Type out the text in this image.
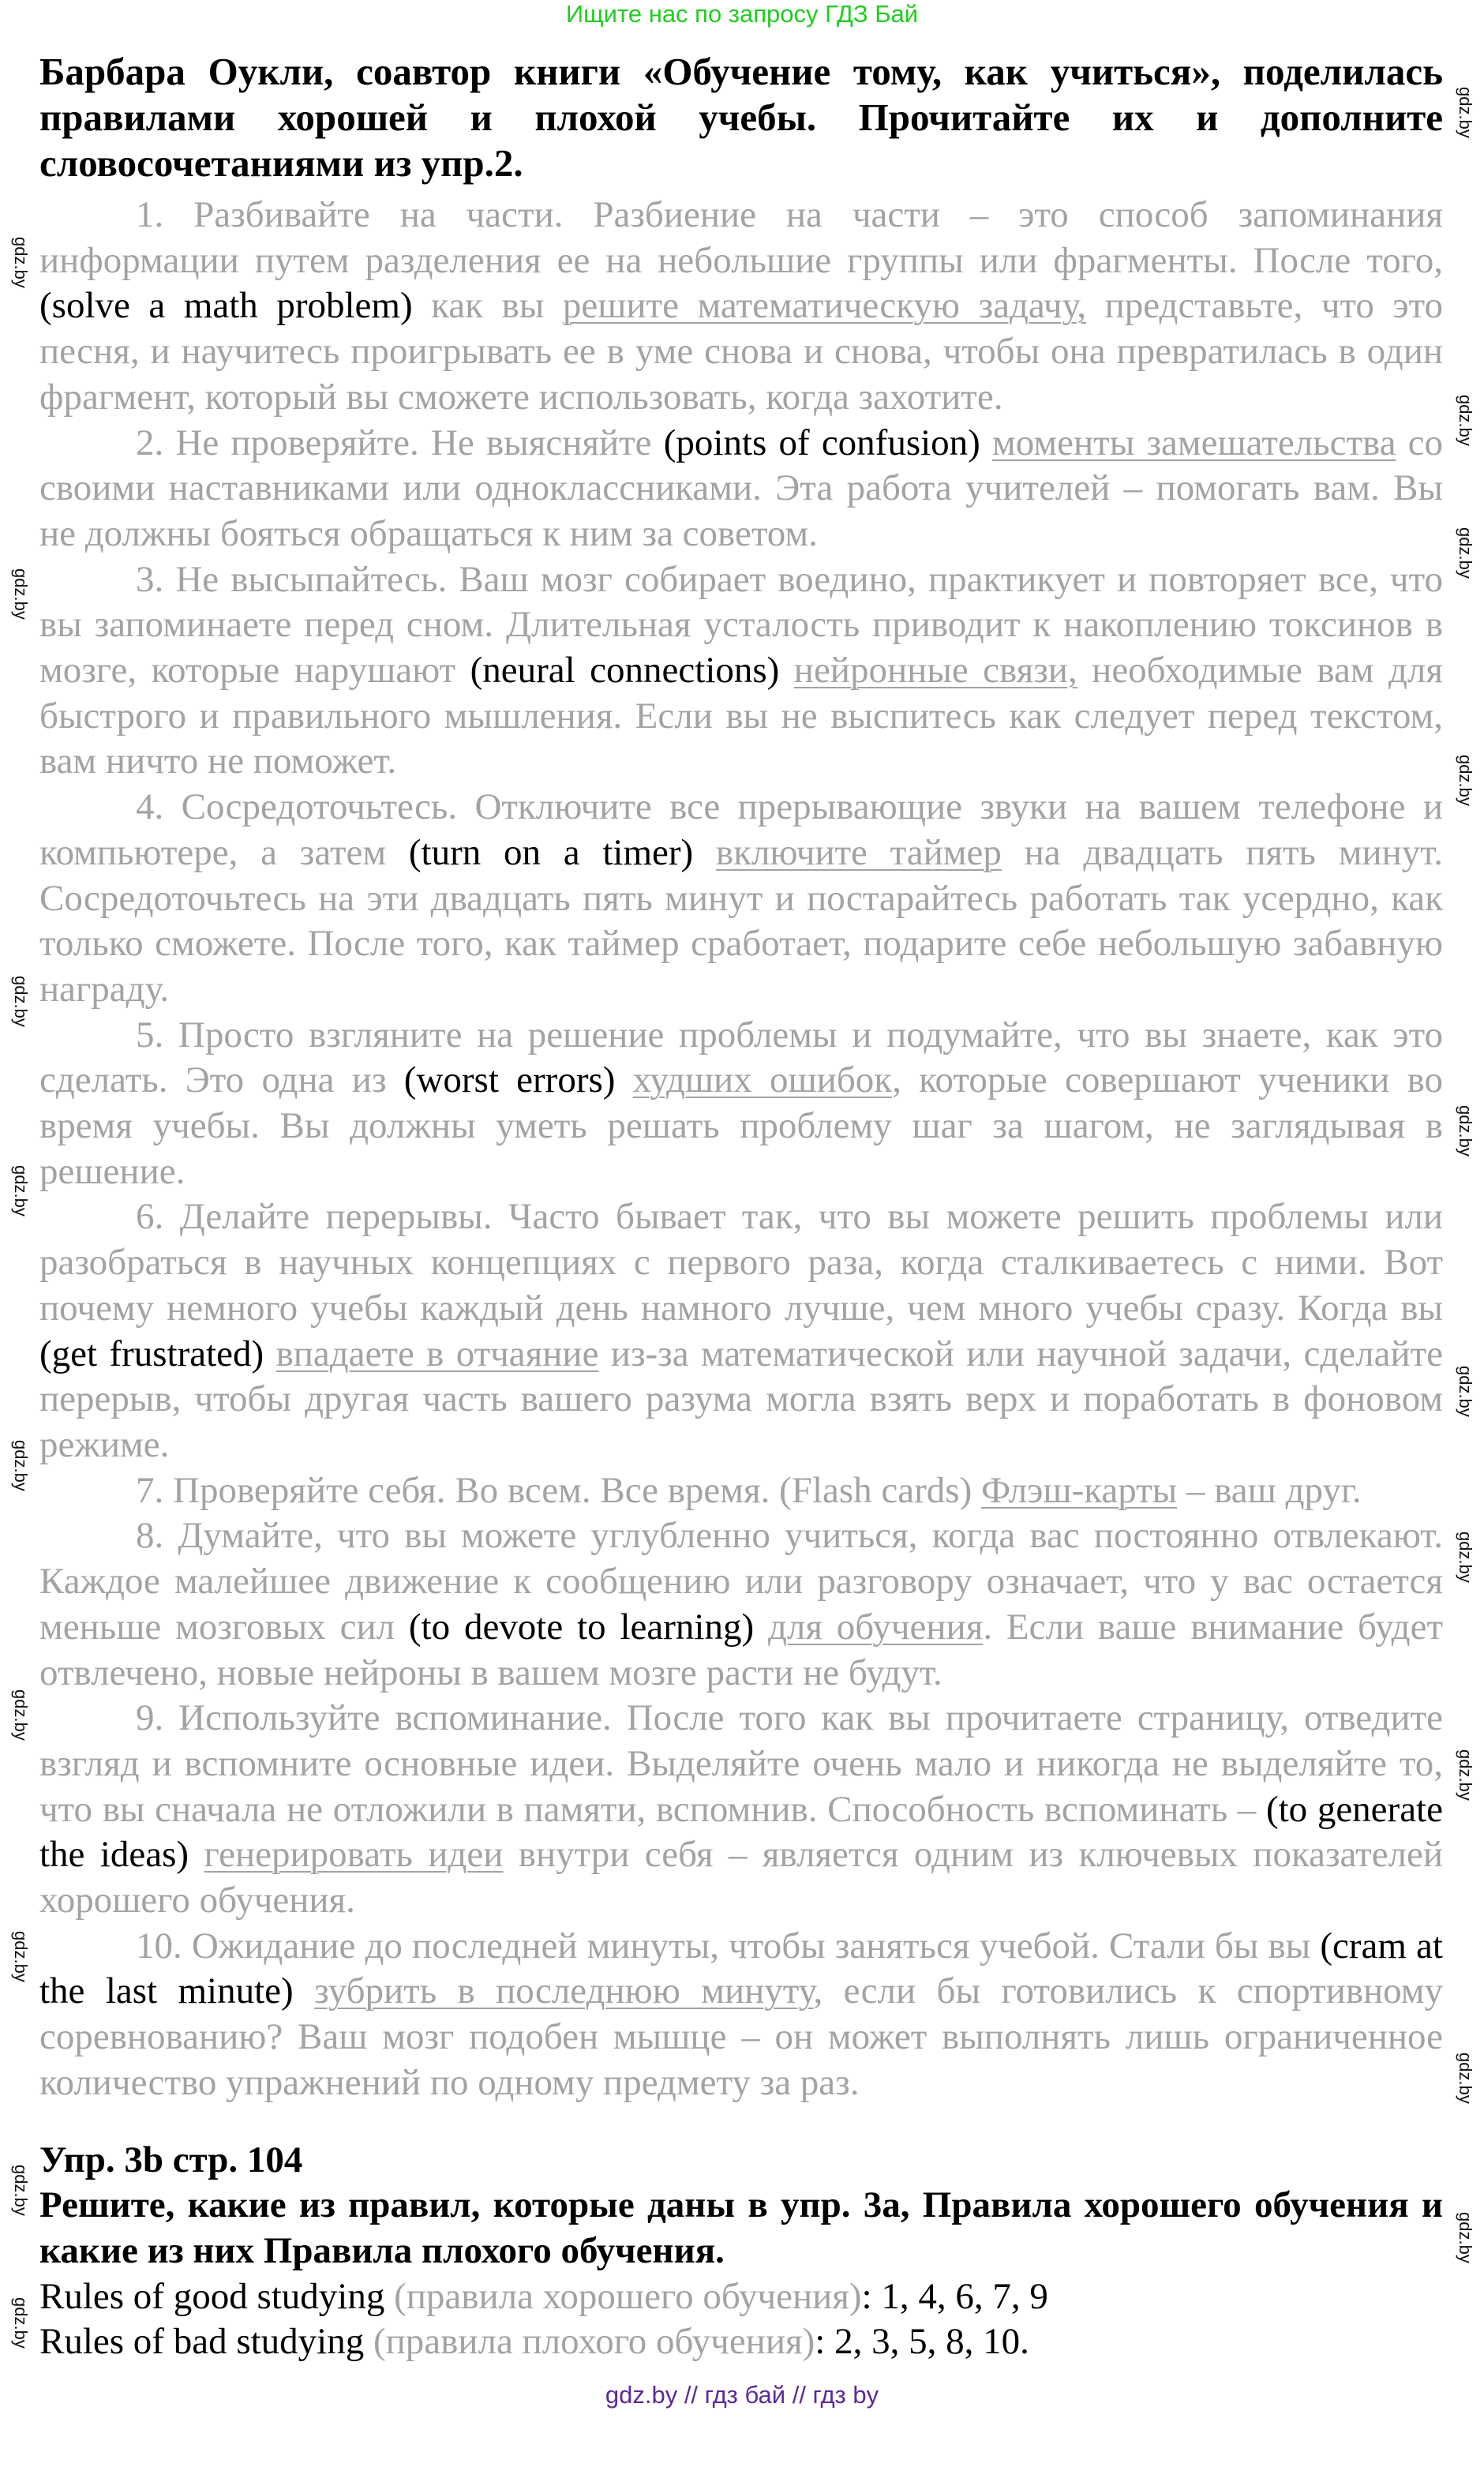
Ищите нас по запросу ГДЗ Бай
Барбара Оукли, соавтор книги «Обучение тому, как учиться», поделилась правилами хорошей и плохой учебы. Прочитайте их и дополните словосочетаниями из упр.2.

1. Разбивайте на части. Разбиение на части – это способ запоминания информации путем разделения ее на небольшие группы или фрагменты. После того, (solve a math problem) как вы решите математическую задачу, представьте, что это песня, и научитесь проигрывать ее в уме снова и снова, чтобы она превратилась в один фрагмент, который вы сможете использовать, когда захотите.

2. Не проверяйте. Не выясняйте (points of confusion) моменты замешательства со своими наставниками или одноклассниками. Эта работа учителей – помогать вам. Вы не должны бояться обращаться к ним за советом.

3. Не высыпайтесь. Ваш мозг собирает воедино, практикует и повторяет все, что вы запоминаете перед сном. Длительная усталость приводит к накоплению токсинов в мозге, которые нарушают (neural connections) нейронные связи, необходимые вам для быстрого и правильного мышления. Если вы не выспитесь как следует перед текстом, вам ничто не поможет.

4. Сосредоточьтесь. Отключите все прерывающие звуки на вашем телефоне и компьютере, а затем (turn on a timer) включите таймер на двадцать пять минут. Сосредоточьтесь на эти двадцать пять минут и постарайтесь работать так усердно, как только сможете. После того, как таймер сработает, подарите себе небольшую забавную награду.

5. Просто взгляните на решение проблемы и подумайте, что вы знаете, как это сделать. Это одна из (worst errors) худших ошибок, которые совершают ученики во время учебы. Вы должны уметь решать проблему шаг за шагом, не заглядывая в решение.

6. Делайте перерывы. Часто бывает так, что вы можете решить проблемы или разобраться в научных концепциях с первого раза, когда сталкиваетесь с ними. Вот почему немного учебы каждый день намного лучше, чем много учебы сразу. Когда вы (get frustrated) впадаете в отчаяние из-за математической или научной задачи, сделайте перерыв, чтобы другая часть вашего разума могла взять верх и поработать в фоновом режиме.

7. Проверяйте себя. Во всем. Все время. (Flash cards) Флэш-карты – ваш друг.

8. Думайте, что вы можете углубленно учиться, когда вас постоянно отвлекают. Каждое малейшее движение к сообщению или разговору означает, что у вас остается меньше мозговых сил (to devote to learning) для обучения. Если ваше внимание будет отвлечено, новые нейроны в вашем мозге расти не будут.

9. Используйте вспоминание. После того как вы прочитаете страницу, отведите взгляд и вспомните основные идеи. Выделяйте очень мало и никогда не выделяйте то, что вы сначала не отложили в памяти, вспомнив. Способность вспоминать – (to generate the ideas) генерировать идеи внутри себя – является одним из ключевых показателей хорошего обучения.

10. Ожидание до последней минуты, чтобы заняться учебой. Стали бы вы (cram at the last minute) зубрить в последнюю минуту, если бы готовились к спортивному соревнованию? Ваш мозг подобен мышце – он может выполнять лишь ограниченное количество упражнений по одному предмету за раз.

Упр. 3b стр. 104
Решите, какие из правил, которые даны в упр. 3а, Правила хорошего обучения и какие из них Правила плохого обучения.
Rules of good studying (правила хорошего обучения): 1, 4, 6, 7, 9
Rules of bad studying (правила плохого обучения): 2, 3, 5, 8, 10.
gdz.by // гдз бай // гдз by
gdz.by
gdz.by
gdz.by
gdz.by
gdz.by
gdz.by
gdz.by
gdz.by
gdz.by
gdz.by
gdz.by
gdz.by
gdz.by
gdz.by
gdz.by
gdz.by
gdz.by
gdz.by
gdz.by
